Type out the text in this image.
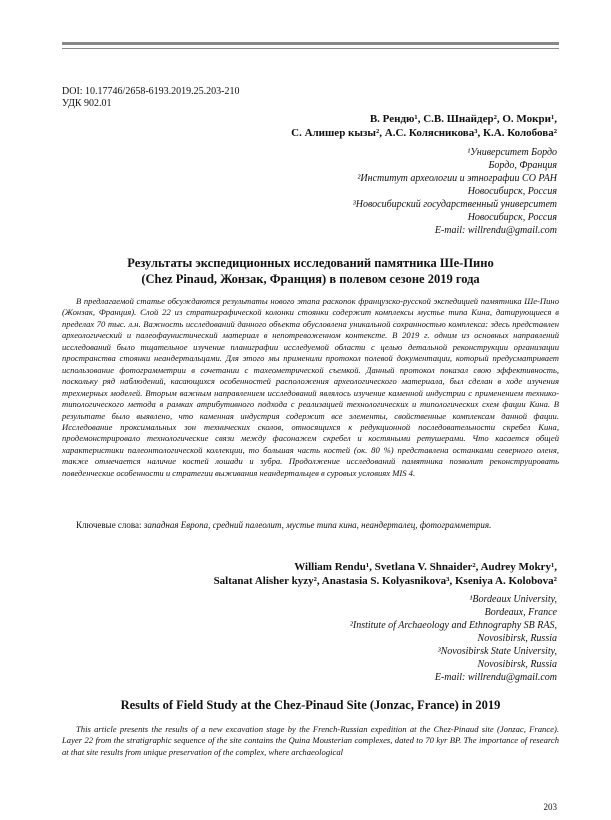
DOI: 10.17746/2658-6193.2019.25.203-210
УДК 902.01
В. Рендю¹, С.В. Шнайдер², О. Мокри¹,
С. Алишер кызы², А.С. Колясникова³, К.А. Колобова²
¹Университет Бордо
Бордо, Франция
²Институт археологии и этнографии СО РАН
Новосибирск, Россия
³Новосибирский государственный университет
Новосибирск, Россия
E-mail: willrendu@gmail.com
Результаты экспедиционных исследований памятника Ше-Пино
(Chez Pinaud, Жонзак, Франция) в полевом сезоне 2019 года

В предлагаемой статье обсуждаются результаты нового этапа раскопок французско-русской экспедицией памятника Ше-Пино (Жонзак, Франция). Слой 22 из стратиграфической колонки стоянки содержит комплексы мустье типа Кина, датирующиеся в пределах 70 тыс. л.н. Важность исследований данного объекта обусловлена уникальной сохранностью комплекса: здесь представлен археологический и палеофаунистический материал в непотревоженном контексте. В 2019 г. одним из основных направлений исследований было тщательное изучение планиграфии исследуемой области с целью детальной реконструкции организации пространства стоянки неандертальцами. Для этого мы применили протокол полевой документации, который предусматривает использование фотограмметрии в сочетании с тахеометрической съемкой. Данный протокол показал свою эффективность, поскольку ряд наблюдений, касающихся особенностей расположения археологического материала, был сделан в ходе изучения трехмерных моделей. Вторым важным направлением исследований являлось изучение каменной индустрии с применением технико-типологического метода в рамках атрибутивного подхода с реализацией технологических и типологических схем фации Кина. В результате было выявлено, что каменная индустрия содержит все элементы, свойственные комплексам данной фации. Исследование проксимальных зон технических сколов, относящихся к редукционной последовательности скребел Кина, продемонстрировало технологические связи между фасонажем скребел и костяными ретушерами. Что касается общей характеристики палеонтологической коллекции, то большая часть костей (ок. 80 %) представлена останками северного оленя, также отмечается наличие костей лошади и зубра. Продолжение исследований памятника позволит реконструировать поведенческие особенности и стратегии выживания неандертальцев в суровых условиях MIS 4.

Ключевые слова: западная Европа, средний палеолит, мустье типа кина, неандерталец, фотограмметрия.
William Rendu¹, Svetlana V. Shnaider², Audrey Mokry¹,
Saltanat Alisher kyzy², Anastasia S. Kolyasnikova³, Kseniya A. Kolobova²
¹Bordeaux University,
Bordeaux, France
²Institute of Archaeology and Ethnography SB RAS,
Novosibirsk, Russia
³Novosibirsk State University,
Novosibirsk, Russia
E-mail: willrendu@gmail.com
Results of Field Study at the Chez-Pinaud Site (Jonzac, France) in 2019

This article presents the results of a new excavation stage by the French-Russian expedition at the Chez-Pinaud site (Jonzac, France). Layer 22 from the stratigraphic sequence of the site contains the Quina Mousterian complexes, dated to 70 kyr BP. The importance of research at that site results from unique preservation of the complex, where archaeological

203
